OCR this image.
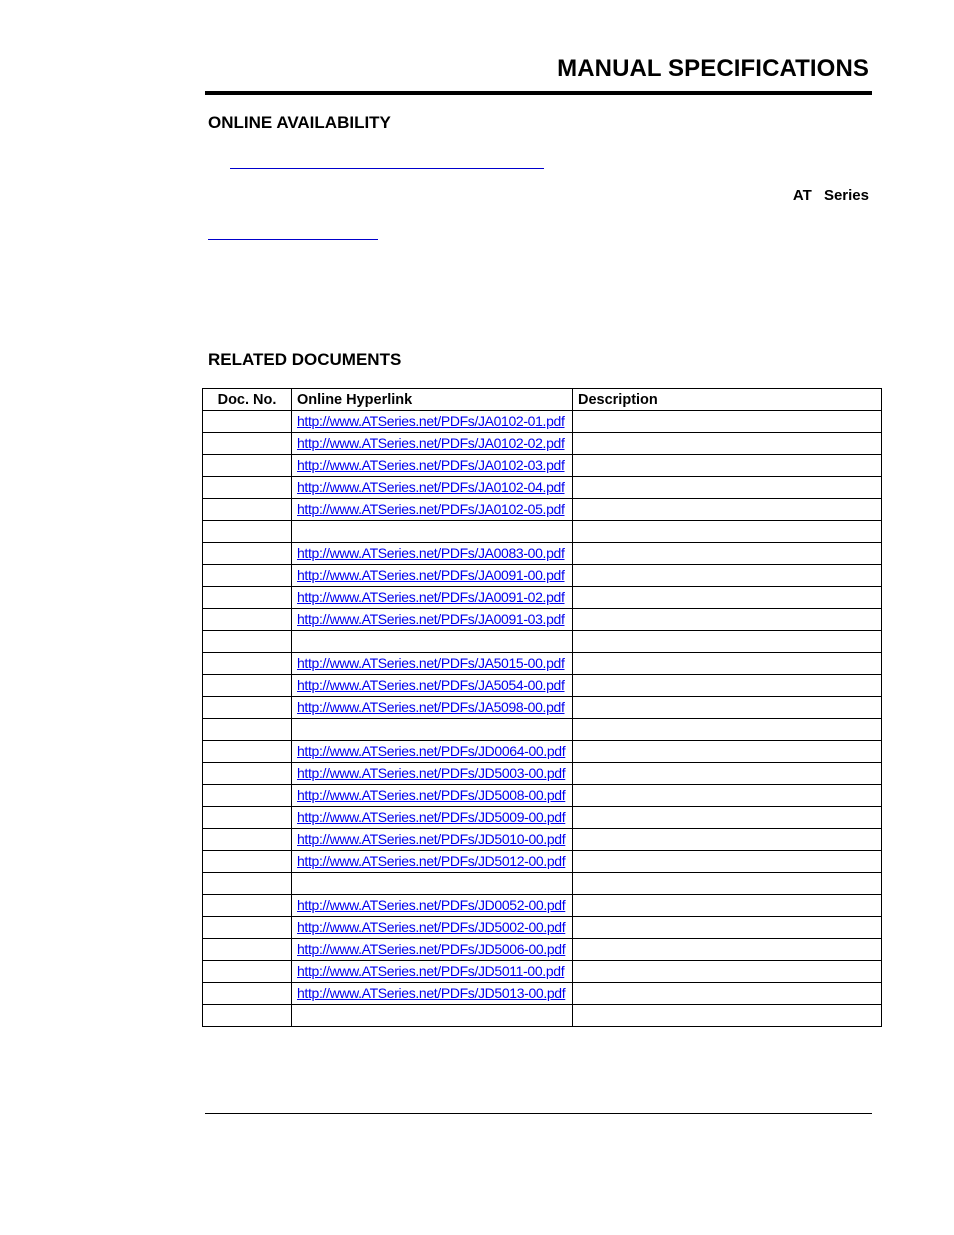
MANUAL SPECIFICATIONS
ONLINE AVAILABILITY
AT Series
RELATED DOCUMENTS
Doc. No.	Online Hyperlink	Description
	http://www.ATSeries.net/PDFs/JA0102-01.pdf	
	http://www.ATSeries.net/PDFs/JA0102-02.pdf	
	http://www.ATSeries.net/PDFs/JA0102-03.pdf	
	http://www.ATSeries.net/PDFs/JA0102-04.pdf	
	http://www.ATSeries.net/PDFs/JA0102-05.pdf	

	http://www.ATSeries.net/PDFs/JA0083-00.pdf	
	http://www.ATSeries.net/PDFs/JA0091-00.pdf	
	http://www.ATSeries.net/PDFs/JA0091-02.pdf	
	http://www.ATSeries.net/PDFs/JA0091-03.pdf	

	http://www.ATSeries.net/PDFs/JA5015-00.pdf	
	http://www.ATSeries.net/PDFs/JA5054-00.pdf	
	http://www.ATSeries.net/PDFs/JA5098-00.pdf	

	http://www.ATSeries.net/PDFs/JD0064-00.pdf	
	http://www.ATSeries.net/PDFs/JD5003-00.pdf	
	http://www.ATSeries.net/PDFs/JD5008-00.pdf	
	http://www.ATSeries.net/PDFs/JD5009-00.pdf	
	http://www.ATSeries.net/PDFs/JD5010-00.pdf	
	http://www.ATSeries.net/PDFs/JD5012-00.pdf	

	http://www.ATSeries.net/PDFs/JD0052-00.pdf	
	http://www.ATSeries.net/PDFs/JD5002-00.pdf	
	http://www.ATSeries.net/PDFs/JD5006-00.pdf	
	http://www.ATSeries.net/PDFs/JD5011-00.pdf	
	http://www.ATSeries.net/PDFs/JD5013-00.pdf	
